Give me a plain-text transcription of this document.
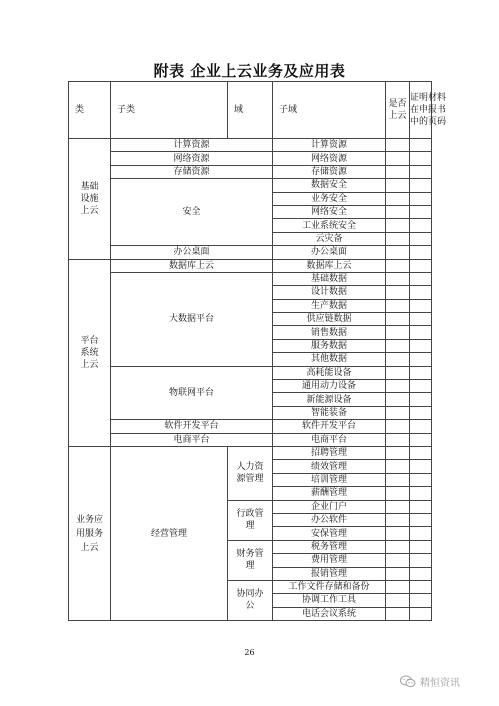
附表 企业上云业务及应用表
类	子类	域	子域	是否上云	证明材料在申报书中的页码

基础设施上云	计算资源		计算资源		
	网络资源		网络资源		
	存储资源		存储资源		
	安全		数据安全		
			业务安全		
			网络安全		
			工业系统安全		
			云灾备		
	办公桌面		办公桌面		

平台系统上云	数据库上云		数据库上云		
	大数据平台		基础数据		
			设计数据		
			生产数据		
			供应链数据		
			销售数据		
			服务数据		
			其他数据		
	物联网平台		高耗能设备		
			通用动力设备		
			新能源设备		
			智能装备		
	软件开发平台		软件开发平台		
	电商平台		电商平台		

业务应用服务上云	经营管理	人力资源管理	招聘管理		
			绩效管理		
			培训管理		
			薪酬管理		

		行政管理	企业门户		
			办公软件		
			安保管理		

		财务管理	税务管理		
			费用管理		
			报销管理		

		协同办公	工作文件存储和备份		

			协调工作工具		
			电话会议系统		
26
精恒资讯
